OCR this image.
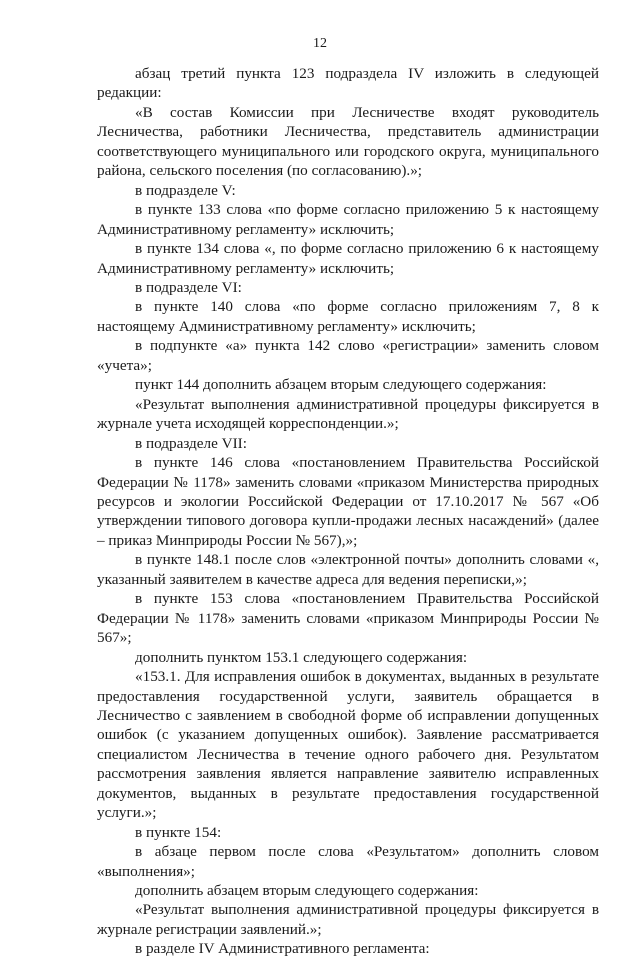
12

абзац третий пункта 123 подраздела IV изложить в следующей редакции:

«В состав Комиссии при Лесничестве входят руководитель Лесничества, работники Лесничества, представитель администрации соответствующего муниципального или городского округа, муниципального района, сельского поселения (по согласованию).»;

в подразделе V:

в пункте 133 слова «по форме согласно приложению 5 к настоящему Административному регламенту» исключить;

в пункте 134 слова «, по форме согласно приложению 6 к настоящему Административному регламенту» исключить;

в подразделе VI:

в пункте 140 слова «по форме согласно приложениям 7, 8 к настоящему Административному регламенту» исключить;

в подпункте «а» пункта 142 слово «регистрации» заменить словом «учета»;

пункт 144 дополнить абзацем вторым следующего содержания:

«Результат выполнения административной процедуры фиксируется в журнале учета исходящей корреспонденции.»;

в подразделе VII:

в пункте 146 слова «постановлением Правительства Российской Федерации № 1178» заменить словами «приказом Министерства природных ресурсов и экологии Российской Федерации от 17.10.2017 № 567 «Об утверждении типового договора купли-продажи лесных насаждений» (далее – приказ Минприроды России № 567),»;

в пункте 148.1 после слов «электронной почты» дополнить словами «, указанный заявителем в качестве адреса для ведения переписки,»;

в пункте 153 слова «постановлением Правительства Российской Федерации № 1178» заменить словами «приказом Минприроды России № 567»;

дополнить пунктом 153.1 следующего содержания:

«153.1. Для исправления ошибок в документах, выданных в результате предоставления государственной услуги, заявитель обращается в Лесничество с заявлением в свободной форме об исправлении допущенных ошибок (с указанием допущенных ошибок). Заявление рассматривается специалистом Лесничества в течение одного рабочего дня. Результатом рассмотрения заявления является направление заявителю исправленных документов, выданных в результате предоставления государственной услуги.»;

в пункте 154:

в абзаце первом после слова «Результатом» дополнить словом «выполнения»;

дополнить абзацем вторым следующего содержания:

«Результат выполнения административной процедуры фиксируется в журнале регистрации заявлений.»;

в разделе IV Административного регламента:
